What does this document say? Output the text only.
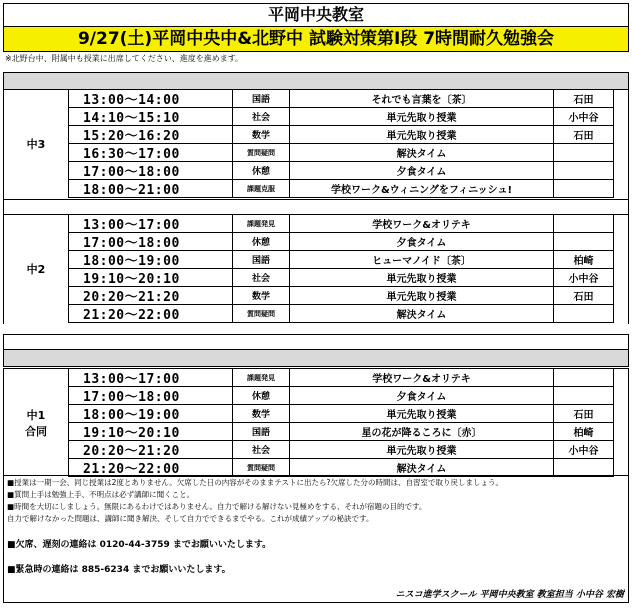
平岡中央教室
9/27(土)平岡中央中&北野中 試験対策第Ⅰ段 7時間耐久勉強会
※北野台中、附属中も授業に出席してください、進度を進めます。
中3
13:00〜14:00	国語	それでも言葉を〔茶〕	石田
14:10〜15:10	社会	単元先取り授業	小中谷
15:20〜16:20	数学	単元先取り授業	石田
16:30〜17:00	質問疑問	解決タイム
17:00〜18:00	休憩	夕食タイム
18:00〜21:00	課題克服	学校ワーク&ウィニングをフィニッシュ!
中2
13:00〜17:00	課題発見	学校ワーク&オリテキ
17:00〜18:00	休憩	夕食タイム
18:00〜19:00	国語	ヒューマノイド〔茶〕	柏崎
19:10〜20:10	社会	単元先取り授業	小中谷
20:20〜21:20	数学	単元先取り授業	石田
21:20〜22:00	質問疑問	解決タイム
中1
合同
13:00〜17:00	課題発見	学校ワーク&オリテキ
17:00〜18:00	休憩	夕食タイム
18:00〜19:00	数学	単元先取り授業	石田
19:10〜20:10	国語	星の花が降るころに〔赤〕	柏崎
20:20〜21:20	社会	単元先取り授業	小中谷
21:20〜22:00	質問疑問	解決タイム
■授業は一期一会、同じ授業は2度とありません。欠席した日の内容がそのままテストに出たら?欠席した分の時間は、自習室で取り戻しましょう。
■質問上手は勉強上手、不明点は必ず講師に聞くこと。
■時間を大切にしましょう。無限にあるわけではありません。自力で解ける解けない見極めをする、それが宿題の目的です。
自力で解けなかった問題は、講師に聞き解決、そして自力でできるまでやる。これが成績アップの秘訣です。
■欠席、遅刻の連絡は 0120-44-3759 までお願いいたします。
■緊急時の連絡は 885-6234 までお願いいたします。
ニスコ進学スクール 平岡中央教室 教室担当 小中谷 宏樹
